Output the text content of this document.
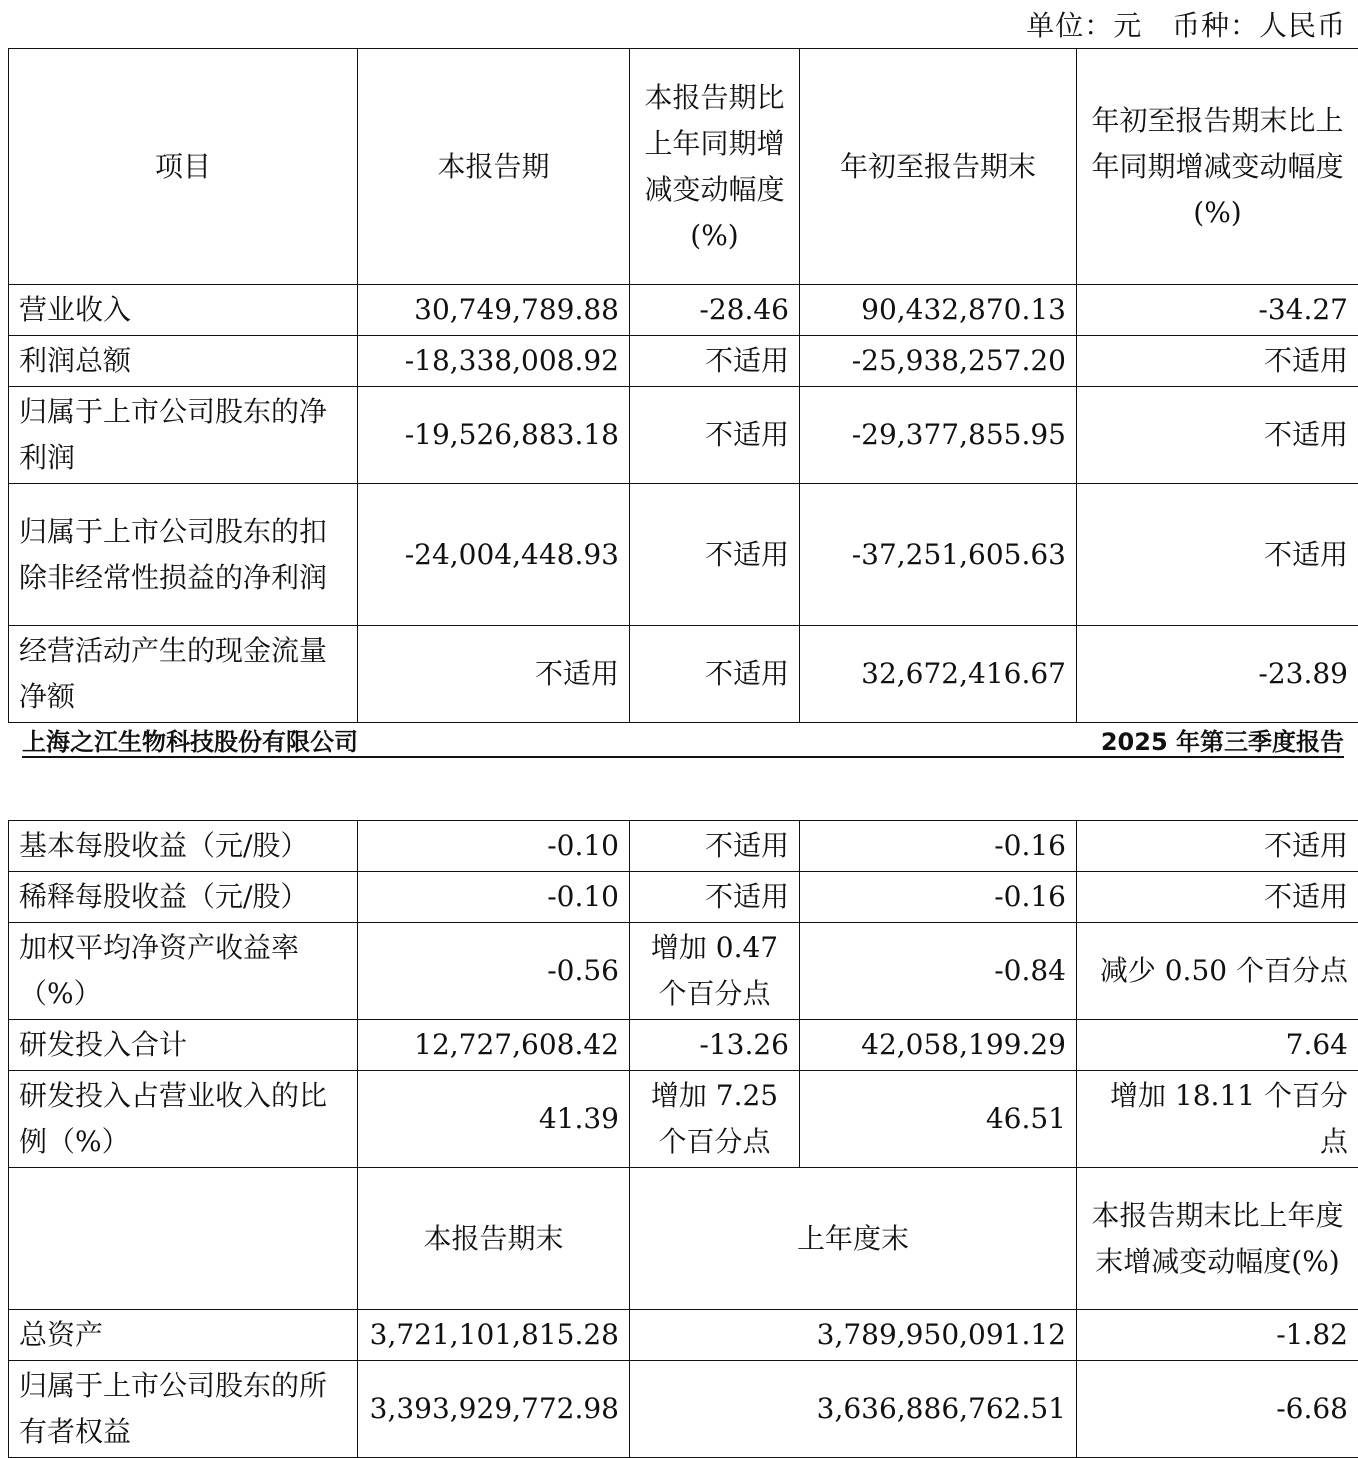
单位：元   币种：人民币
项目	本报告期	本报告期比上年同期增减变动幅度(%)	年初至报告期末	年初至报告期末比上年同期增减变动幅度(%)
营业收入	30,749,789.88	-28.46	90,432,870.13	-34.27
利润总额	-18,338,008.92	不适用	-25,938,257.20	不适用
归属于上市公司股东的净利润	-19,526,883.18	不适用	-29,377,855.95	不适用
归属于上市公司股东的扣除非经常性损益的净利润	-24,004,448.93	不适用	-37,251,605.63	不适用
经营活动产生的现金流量净额	不适用	不适用	32,672,416.67	-23.89
上海之江生物科技股份有限公司	2025 年第三季度报告
基本每股收益（元/股）	-0.10	不适用	-0.16	不适用
稀释每股收益（元/股）	-0.10	不适用	-0.16	不适用
加权平均净资产收益率（%）	-0.56	增加 0.47 个百分点	-0.84	减少 0.50 个百分点
研发投入合计	12,727,608.42	-13.26	42,058,199.29	7.64
研发投入占营业收入的比例（%）	41.39	增加 7.25 个百分点	46.51	增加 18.11 个百分点
	本报告期末	上年度末		本报告期末比上年度末增减变动幅度(%)
总资产	3,721,101,815.28	3,789,950,091.12		-1.82
归属于上市公司股东的所有者权益	3,393,929,772.98	3,636,886,762.51		-6.68
